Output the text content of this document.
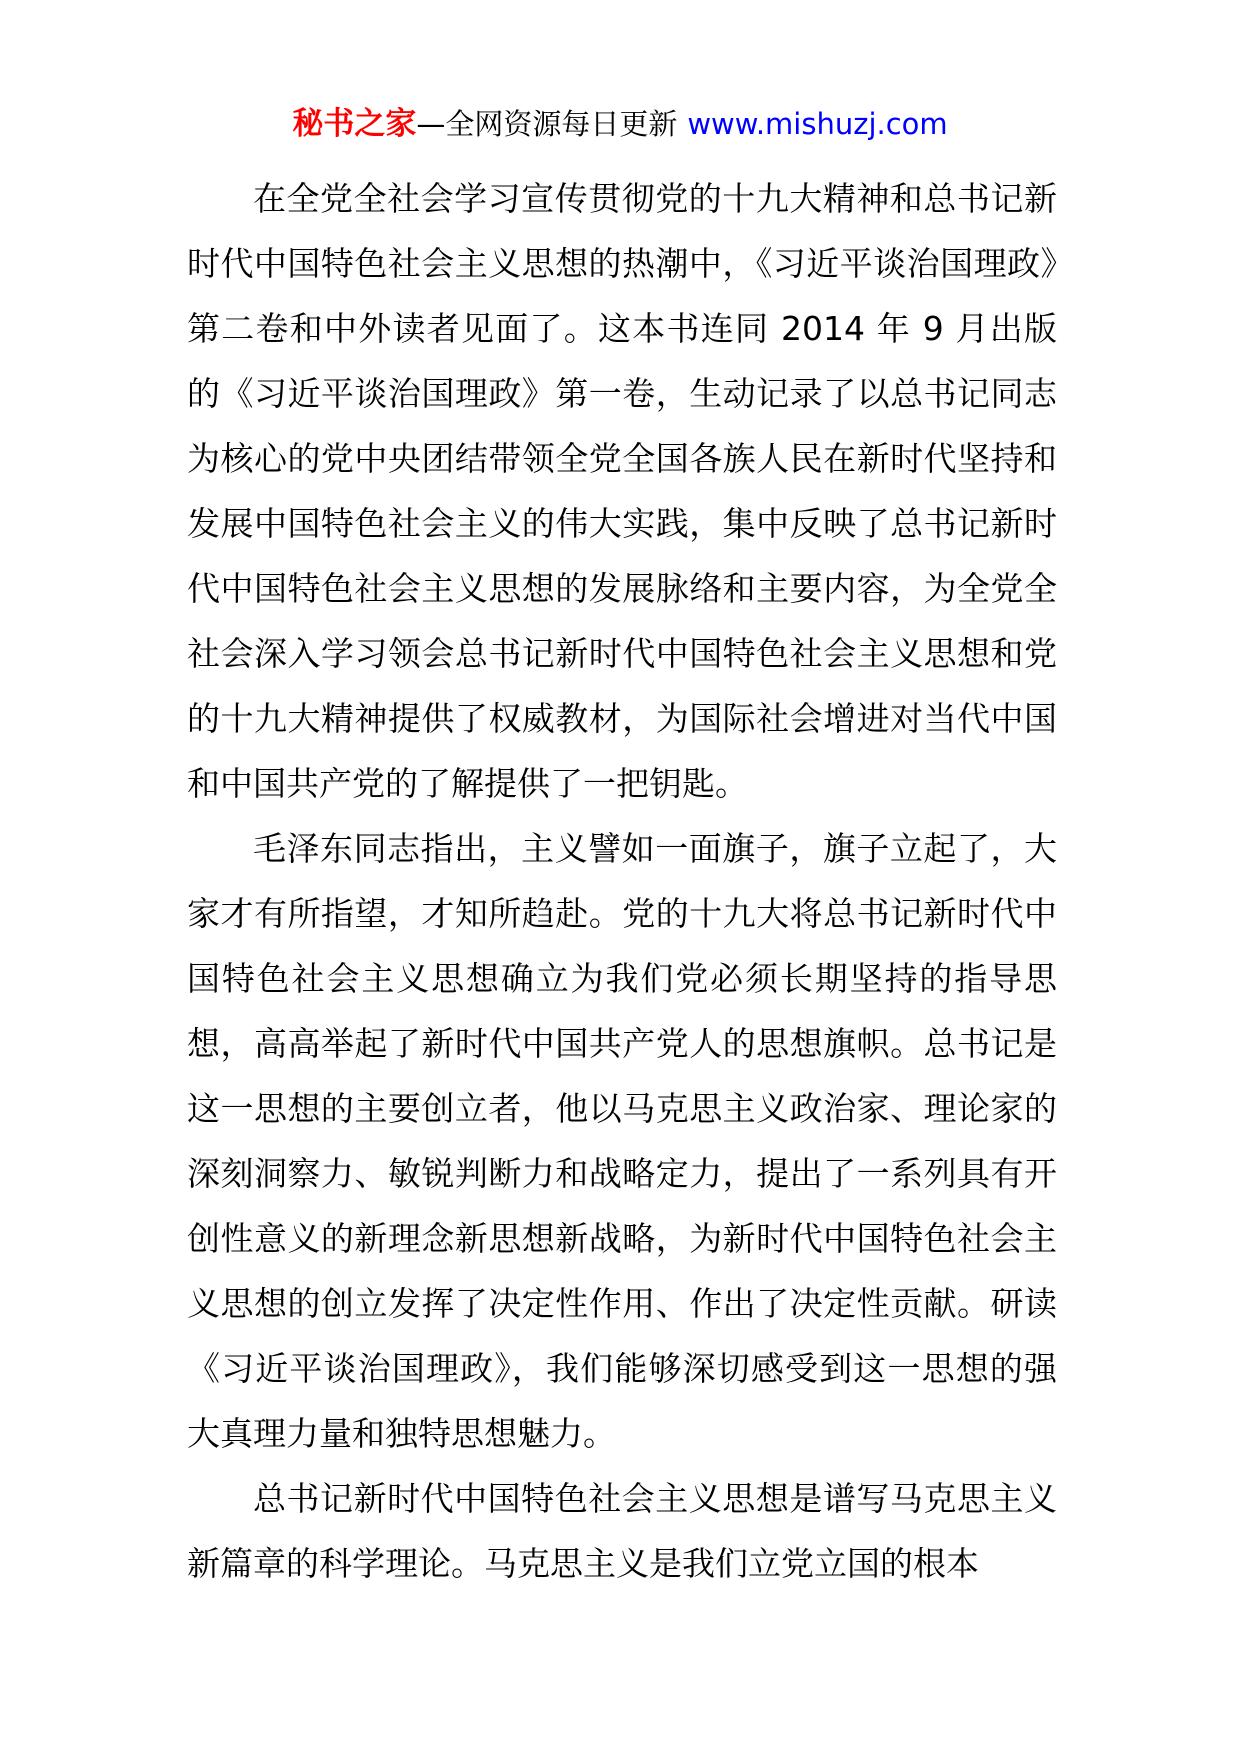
秘书之家—全网资源每日更新 www.mishuzj.com

在全党全社会学习宣传贯彻党的十九大精神和总书记新时代中国特色社会主义思想的热潮中，《习近平谈治国理政》第二卷和中外读者见面了。这本书连同 2014 年 9 月出版的《习近平谈治国理政》第一卷，生动记录了以总书记同志为核心的党中央团结带领全党全国各族人民在新时代坚持和发展中国特色社会主义的伟大实践，集中反映了总书记新时代中国特色社会主义思想的发展脉络和主要内容，为全党全社会深入学习领会总书记新时代中国特色社会主义思想和党的十九大精神提供了权威教材，为国际社会增进对当代中国和中国共产党的了解提供了一把钥匙。

毛泽东同志指出，主义譬如一面旗子，旗子立起了，大家才有所指望，才知所趋赴。党的十九大将总书记新时代中国特色社会主义思想确立为我们党必须长期坚持的指导思想，高高举起了新时代中国共产党人的思想旗帜。总书记是这一思想的主要创立者，他以马克思主义政治家、理论家的深刻洞察力、敏锐判断力和战略定力，提出了一系列具有开创性意义的新理念新思想新战略，为新时代中国特色社会主义思想的创立发挥了决定性作用、作出了决定性贡献。研读《习近平谈治国理政》，我们能够深切感受到这一思想的强大真理力量和独特思想魅力。

总书记新时代中国特色社会主义思想是谱写马克思主义新篇章的科学理论。马克思主义是我们立党立国的根本
